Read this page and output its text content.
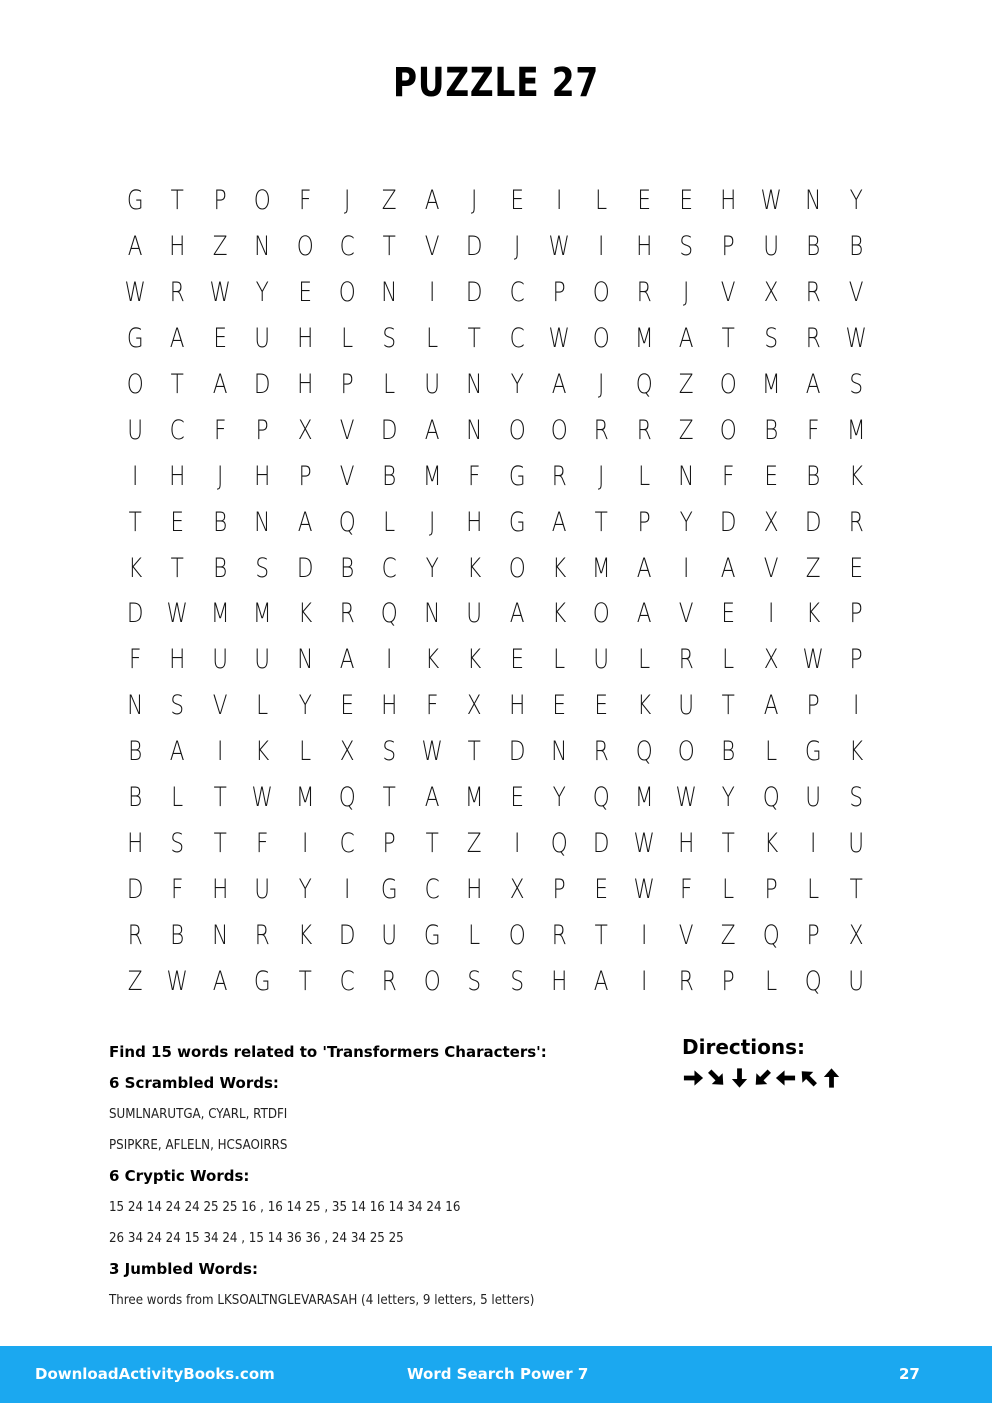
PUZZLE 27
G	T	P	O	F	J	Z	A	J	E	I	L	E	E	H W N	Y
A H Z N O C	T	V D	J	W	I	H	S	P	U	B	B
W R W Y	E	O N	I	D C	P	O R	J	V	X	R	V
G A	E	U H	L	S	L	T	C W O M A	T	S	R W
O	T	A D H	P	L	U N	Y	A	J	Q Z O M A	S
U C	F	P	X	V D A N O O R	R	Z O B	F M
I	H	J	H	P	V	B M F	G R	J	L	N	F	E	B	K
T	E	B	N A Q	L	J	H G A	T	P	Y	D X D R
K	T	B	S	D B	C	Y	K O K M A	I	A	V	Z	E
D W M M K	R Q N U	A	K O A	V	E	I	K	P
F	H U U N A	I	K	K	E	L	U	L	R	L	X W P
N	S	V	L	Y	E	H	F	X H	E	E	K	U	T	A	P	I
B	A	I	K	L	X	S W T	D N R Q O B	L	G K
B	L	T W M Q	T	A M E	Y	Q M W Y	Q U	S
H	S	T	F	I	C	P	T	Z	I	Q D W H	T	K	I	U
D	F	H U	Y	I	G C H X	P	E W F	L	P	L	T
R	B	N R	K D U G	L	O R	T	I	V	Z Q	P	X
Z W A G	T	C	R O	S	S	H A	I	R	P	L	Q U

Find 15 words related to 'Transformers Characters':

6 Scrambled Words:

SUMLNARUTGA, CYARL, RTDFI

PSIPKRE, AFLELN, HCSAOIRRS

6 Cryptic Words:

15 24 14 24 24 25 25 16 , 16 14 25 , 35 14 16 14 34 24 16

26 34 24 24 15 34 24 , 15 14 36 36 , 24 34 25 25

3 Jumbled Words:

Three words from LKSOALTNGLEVARASAH (4 letters, 9 letters, 5 letters)

Directions:

DownloadActivityBooks.com	Word Search Power 7	27
